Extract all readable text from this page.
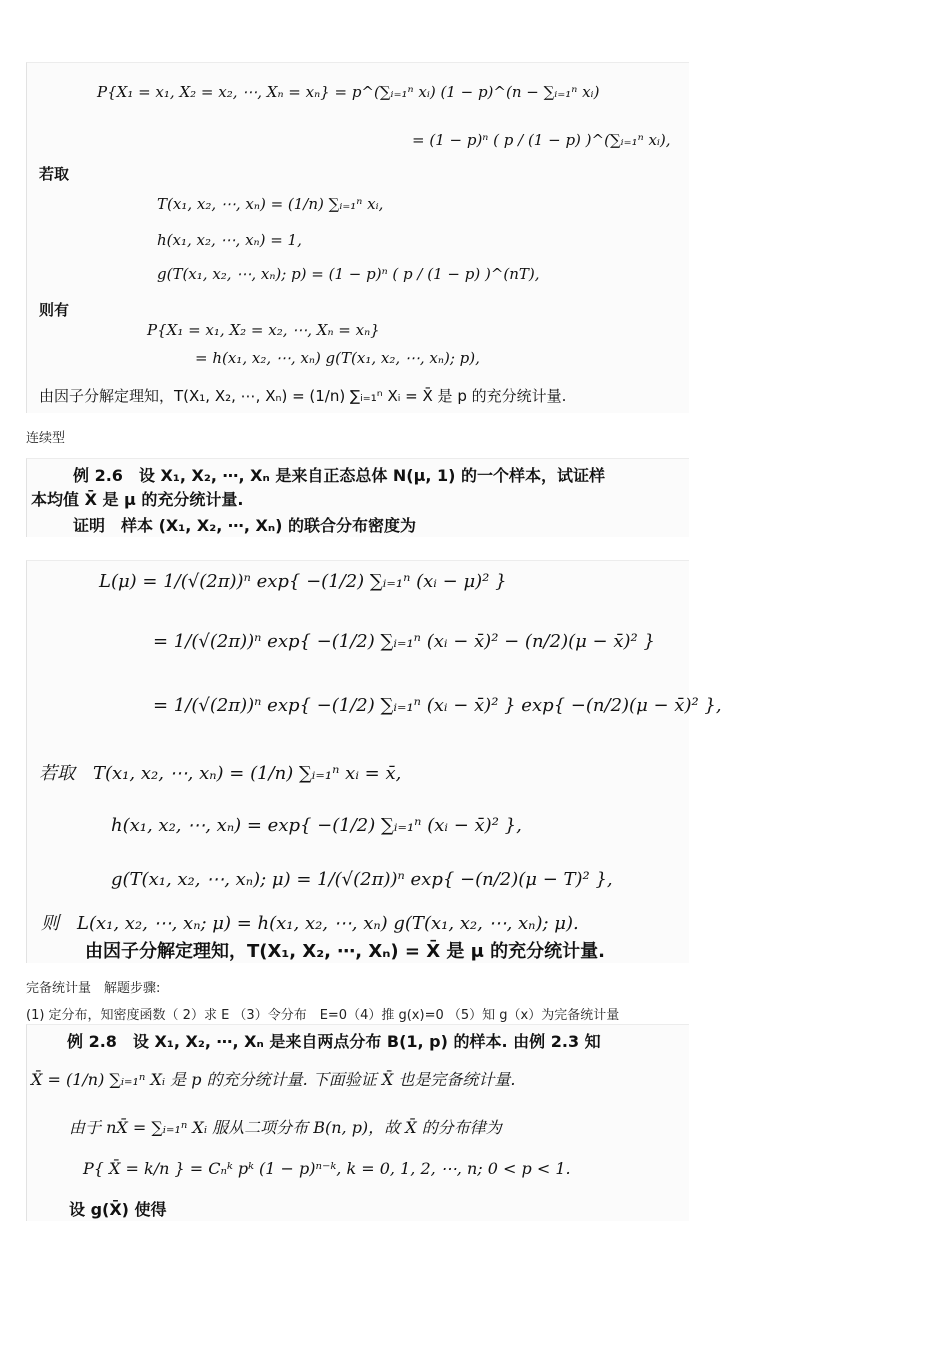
P{X₁ = x₁, X₂ = x₂, ⋯, Xₙ = xₙ} = p^(∑ᵢ₌₁ⁿ xᵢ) (1 − p)^(n − ∑ᵢ₌₁ⁿ xᵢ)
= (1 − p)ⁿ ( p / (1 − p) )^(∑ᵢ₌₁ⁿ xᵢ),
若取
T(x₁, x₂, ⋯, xₙ) = (1/n) ∑ᵢ₌₁ⁿ xᵢ,
h(x₁, x₂, ⋯, xₙ) = 1,
g(T(x₁, x₂, ⋯, xₙ); p) = (1 − p)ⁿ ( p / (1 − p) )^(nT),
则有
P{X₁ = x₁, X₂ = x₂, ⋯, Xₙ = xₙ}
= h(x₁, x₂, ⋯, xₙ) g(T(x₁, x₂, ⋯, xₙ); p),
由因子分解定理知，T(X₁, X₂, ⋯, Xₙ) = (1/n) ∑ᵢ₌₁ⁿ Xᵢ = X̄ 是 p 的充分统计量.
连续型
例 2.6　设 X₁, X₂, ⋯, Xₙ 是来自正态总体 N(μ, 1) 的一个样本，试证样
本均值 X̄ 是 μ 的充分统计量.
证明　样本 (X₁, X₂, ⋯, Xₙ) 的联合分布密度为
L(μ) = 1/(√(2π))ⁿ exp{ −(1/2) ∑ᵢ₌₁ⁿ (xᵢ − μ)² }
= 1/(√(2π))ⁿ exp{ −(1/2) ∑ᵢ₌₁ⁿ (xᵢ − x̄)² − (n/2)(μ − x̄)² }
= 1/(√(2π))ⁿ exp{ −(1/2) ∑ᵢ₌₁ⁿ (xᵢ − x̄)² } exp{ −(n/2)(μ − x̄)² },
若取　T(x₁, x₂, ⋯, xₙ) = (1/n) ∑ᵢ₌₁ⁿ xᵢ = x̄,
h(x₁, x₂, ⋯, xₙ) = exp{ −(1/2) ∑ᵢ₌₁ⁿ (xᵢ − x̄)² },
g(T(x₁, x₂, ⋯, xₙ); μ) = 1/(√(2π))ⁿ exp{ −(n/2)(μ − T)² },
则　L(x₁, x₂, ⋯, xₙ; μ) = h(x₁, x₂, ⋯, xₙ) g(T(x₁, x₂, ⋯, xₙ); μ).
由因子分解定理知，T(X₁, X₂, ⋯, Xₙ) = X̄ 是 μ 的充分统计量.
完备统计量　解题步骤:
(1) 定分布，知密度函数（ 2）求 E （3）令分布　E=0（4）推 g(x)=0 （5）知 g（x）为完备统计量
例 2.8　设 X₁, X₂, ⋯, Xₙ 是来自两点分布 B(1, p) 的样本. 由例 2.3 知
X̄ = (1/n) ∑ᵢ₌₁ⁿ Xᵢ 是 p 的充分统计量. 下面验证 X̄ 也是完备统计量.
由于 nX̄ = ∑ᵢ₌₁ⁿ Xᵢ 服从二项分布 B(n, p)，故 X̄ 的分布律为
P{ X̄ = k/n } = Cₙᵏ pᵏ (1 − p)ⁿ⁻ᵏ, k = 0, 1, 2, ⋯, n; 0 < p < 1.
设 g(X̄) 使得
